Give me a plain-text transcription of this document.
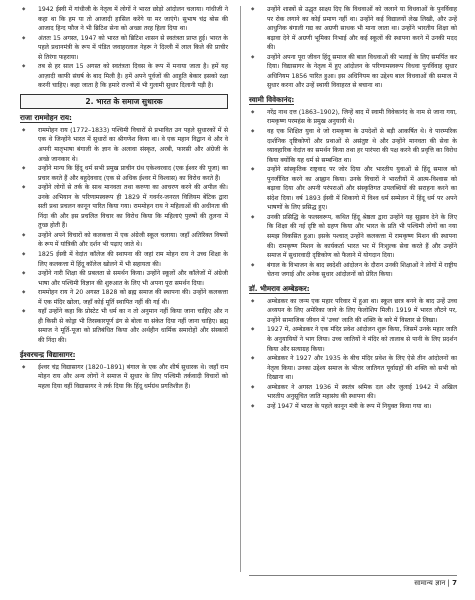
◆ 1942 ईस्वी में गांधीजी के नेतृत्व में लोगों ने भारत छोड़ो आंदोलन चलाया। गांधीजी ने कहा था कि हम या तो आजादी हासिल करेंगे या मर जाएंगे। सुभाष चंद्र बोस की आजाद हिन्द फौज ने भी ब्रिटिश सेना को अच्छा तरह हिला दिया था।
◆ अंततः 15 अगस्त, 1947 को भारत को ब्रिटिश शासन से स्वतंत्रता प्राप्त हुई। भारत के पहले प्रधानमंत्री के रूप में पंडित जवाहरलाल नेहरू ने दिल्ली में लाल किले की प्राचीर से तिरंगा फहराया।
◆ तब से हर साल 15 अगस्त को स्वतंत्रता दिवस के रूप में मनाया जाता है। हमें यह आज़ादी काफी संघर्ष के बाद मिली है। हमें अपने पूर्वजों की आहुति बेकार इसको रक्षा करनी चाहिए। कहा जाता है कि हमारे राज्यों में भी गुलामी सुधार दिलानी पड़ी है।
2. भारत के समाज सुधारक
राजा राममोहन राय:
◆ राममोहन राय (1772–1833) पश्चिमी विचारों से प्रभावित उन पहले सुधारकों में से एक थे जिन्होंने भारत में सुधारों का श्रीगणेश किया था। वे एक महान विद्वान थे और वे अपनी मातृभाषा बंगाली के ज्ञान के अलावा संस्कृत, अरबी, फारसी और अंग्रेजी के अच्छे जानकार थे।
◆ उन्होंने मान्य कि हिंदू धर्म सभी प्रमुख प्राचीन ग्रंथ एकेश्वरवाद (एक ईश्वर की पूजा) का प्रचार करते हैं और बहुदेववाद (एक से अधिक ईश्वर में विश्वास) का विरोध करते हैं।
◆ उन्होंने लोगों से तर्क के साथ मानवता तथा करुणा का आचरण करने की अपील की। उनके अभियान के परिणामस्वरूप ही 1829 में गवर्नर-जनरल विलियम बेंटिक द्वारा सती प्रथा प्रचलन कानून पारित किया गया। राममोहन राय ने महिलाओं की अधीनता की निंदा की और इस प्रचलित विचार का विरोध किया कि महिलाएं पुरुषों की तुलना में तुच्छ होती हैं।
◆ उन्होंने अपने विचारों को कलकत्ता में एक अंग्रेजी स्कूल चलाया। जहाँ अतिरिक्त विषयों के रूप में यांत्रिकी और दर्शन भी पढ़ाए जाते थे।
◆ 1825 ईस्वी में वेदांत कॉलेज की स्थापना की जहां राम मोहन राय ने उच्च शिक्षा के लिए कलकत्ता में हिंदू कॉलेज खोलने में भी सहायता की।
◆ उन्होंने नारी शिक्षा की प्रबलता से समर्थन किया। उन्होंने स्कूलों और कॉलेजों में अंग्रेजी भाषा और पश्चिमी विज्ञान की शुरुआत के लिए भी अपना पूरा समर्थन दिया।
◆ राममोहन राय ने 20 अगस्त 1828 को ब्रह्म समाज की स्थापना की। उन्होंने कलकत्ता में एक मंदिर खोला, जहाँ कोई मूर्ति स्थापित नहीं की गई थी।
◆ यहाँ उन्होंने कहा कि प्रोस्टेट भी धर्म का न तो अनुमान नहीं किया जाना चाहिए और न ही किसी से कोड्रा भी तिरस्कारपूर्ण ढंग से बोला या संकेत दिया नहीं जाना चाहिए। ब्रह्म समाज ने मूर्ति-पूजा को प्रतिबंधित किया और अर्थहीन धार्मिक समारोहों और संस्कारों की निंदा की।
ईश्वरचन्द्र विद्यासागर:
◆ ईश्वर चंद्र विद्यासागर (1820–1891) बंगाल के एक और शीर्ष सुधारक थे। जहाँ राम मोहन राय और अन्य लोगों ने समाज में सुधार के लिए पश्चिमी तर्कवादी विचारों को महत्व दिया वहीं विद्यासागर ने तर्क दिया कि हिंदू धर्मग्रंथ प्रगतिशील हैं।
◆ उन्होंने शास्त्रों से उद्धृत साक्ष्य दिए कि विधवाओं को जलाने या विधवाओं के पुनर्विवाह पर रोक लगाने का कोई प्रमाण नहीं था। उन्होंने कई विद्यालयों लेख लिखी, और उन्हें आधुनिक बंगाली गद्य का अग्रणी साधक भी माना जाता था। उन्होंने भारतीय शिक्षा को बढ़ावा देने में अग्रणी भूमिका निभाई और कई स्कूलों की स्थापना करने में उनकी मदद की।
◆ उन्होंने अपना पूरा जीवन हिंदू समाज की बाल विधवाओं की भलाई के लिए समर्पित कर दिया। विद्यासागर के नेतृत्व में हुए आंदोलन के परिणामस्वरूप विधवा पुनर्विवाह सुधार अधिनियम 1856 पारित हुआ। इस अधिनियम का उद्देश्य बाल विधवाओं की समाज में सुधार करना और उन्हें स्थायी विवाहरत से बचाना था।
स्वामी विवेकानंद:
◆ नरेंद्र नाथ दत्त (1863–1902), जिन्हें बाद में स्वामी विवेकानंद के नाम से जाना गया, रामकृष्ण परमहंस के प्रमुख अनुयायी थे।
◆ वह एक शिक्षित युवा थे जो रामकृष्ण के उपदेशों से बड़ी आकर्षित थे। वे पारम्परिक दार्शनिक दृष्टिकोणों और प्रथाओं से असंतुष्ट थे और उन्होंने मानवता की सेवा के व्यावहारिक वेदांत का समर्थन किया तथा हर पारंपरा की पक्ष करने की प्रवृत्ति का विरोध किया क्योंकि यह धर्म से सम्बन्धित था।
◆ उन्होंने सांस्कृतिक राष्ट्रवाद पर जोर दिया और भारतीय युवाओं से हिंदू समाज को पुनर्जीवित करने का आह्वान किया। उनके विचारों ने भारतीयों में आत्म-विश्वास को बढ़ावा दिया और अपनी परंपराओं और संस्कृतिगत उपलब्धियों की सराहना करने का संदेश दिया। वर्ष 1893 ईस्वी में शिकागो में विश्व धर्म सम्मेलन में हिंदू धर्म पर अपने भाषणों के लिए प्रसिद्ध हुए।
◆ उनकी प्रसिद्धि के फलस्वरूप, कथित हिंदू श्रेष्ठता द्वारा उन्होंने यह सुझाव देने के लिए कि शिक्षा की नई दृष्टि को ग्रहण किया और भारत के प्रति भी पश्चिमी लोगों का नया समझ विकसित हुआ। इसके पश्चात् उन्होंने कलकत्ता में रामकृष्ण मिशन की स्थापना की। रामकृष्ण मिशन के कार्यकर्ता भारत भर में निःशुल्क सेवा करते हैं और उन्होंने समाज में सुधारवादी दृष्टिकोण को फैलाने में योगदान दिया।
◆ बंगाल के विभाजन के बाद स्वदेशी आंदोलन के दौरान उनकी शिक्षाओं ने लोगों में राष्ट्रीय चेतना जगाई और अनेक सुधार आंदोलनों को प्रेरित किया।
डॉ. भीमराव अम्बेडकर:
◆ अम्बेडकर का जन्म एक महार परिवार में हुआ था। स्कूल छात्र बनने के बाद उन्हें उच्च अध्ययन के लिए अमेरिका जाने के लिए फेलोशिप मिली। 1919 में भारत लौटने पर, उन्होंने सामाजिक जीवन में 'उच्च' जाति की शक्ति के बारे में विस्तार से लिखा।
◆ 1927 में, अम्बेडकर ने एक मंदिर प्रवेश आंदोलन शुरू किया, जिसमें उनके महार जाति के अनुयायियों ने भाग लिया। उच्च जातियों ने मंदिर को तालाब से पानी के लिए प्रदर्शन किया और सत्याग्रह किया।
◆ अम्बेडकर ने 1927 और 1935 के बीच मंदिर प्रवेश के लिए ऐसे तीन आंदोलनों का नेतृत्व किया। उनका उद्देश्य समाज के भीतर जातिगत पूर्वाग्रहों की शक्ति को सभी को दिखाना था।
◆ अम्बेडकर ने अगस्त 1936 में स्वतंत्र श्रमिक दल और जुलाई 1942 में अखिल भारतीय अनुसूचित जाति महासंघ की स्थापना की।
◆ उन्हें 1947 में भारत के पहले कानून मंत्री के रूप में नियुक्त किया गया था।
सामान्य ज्ञान | 7
